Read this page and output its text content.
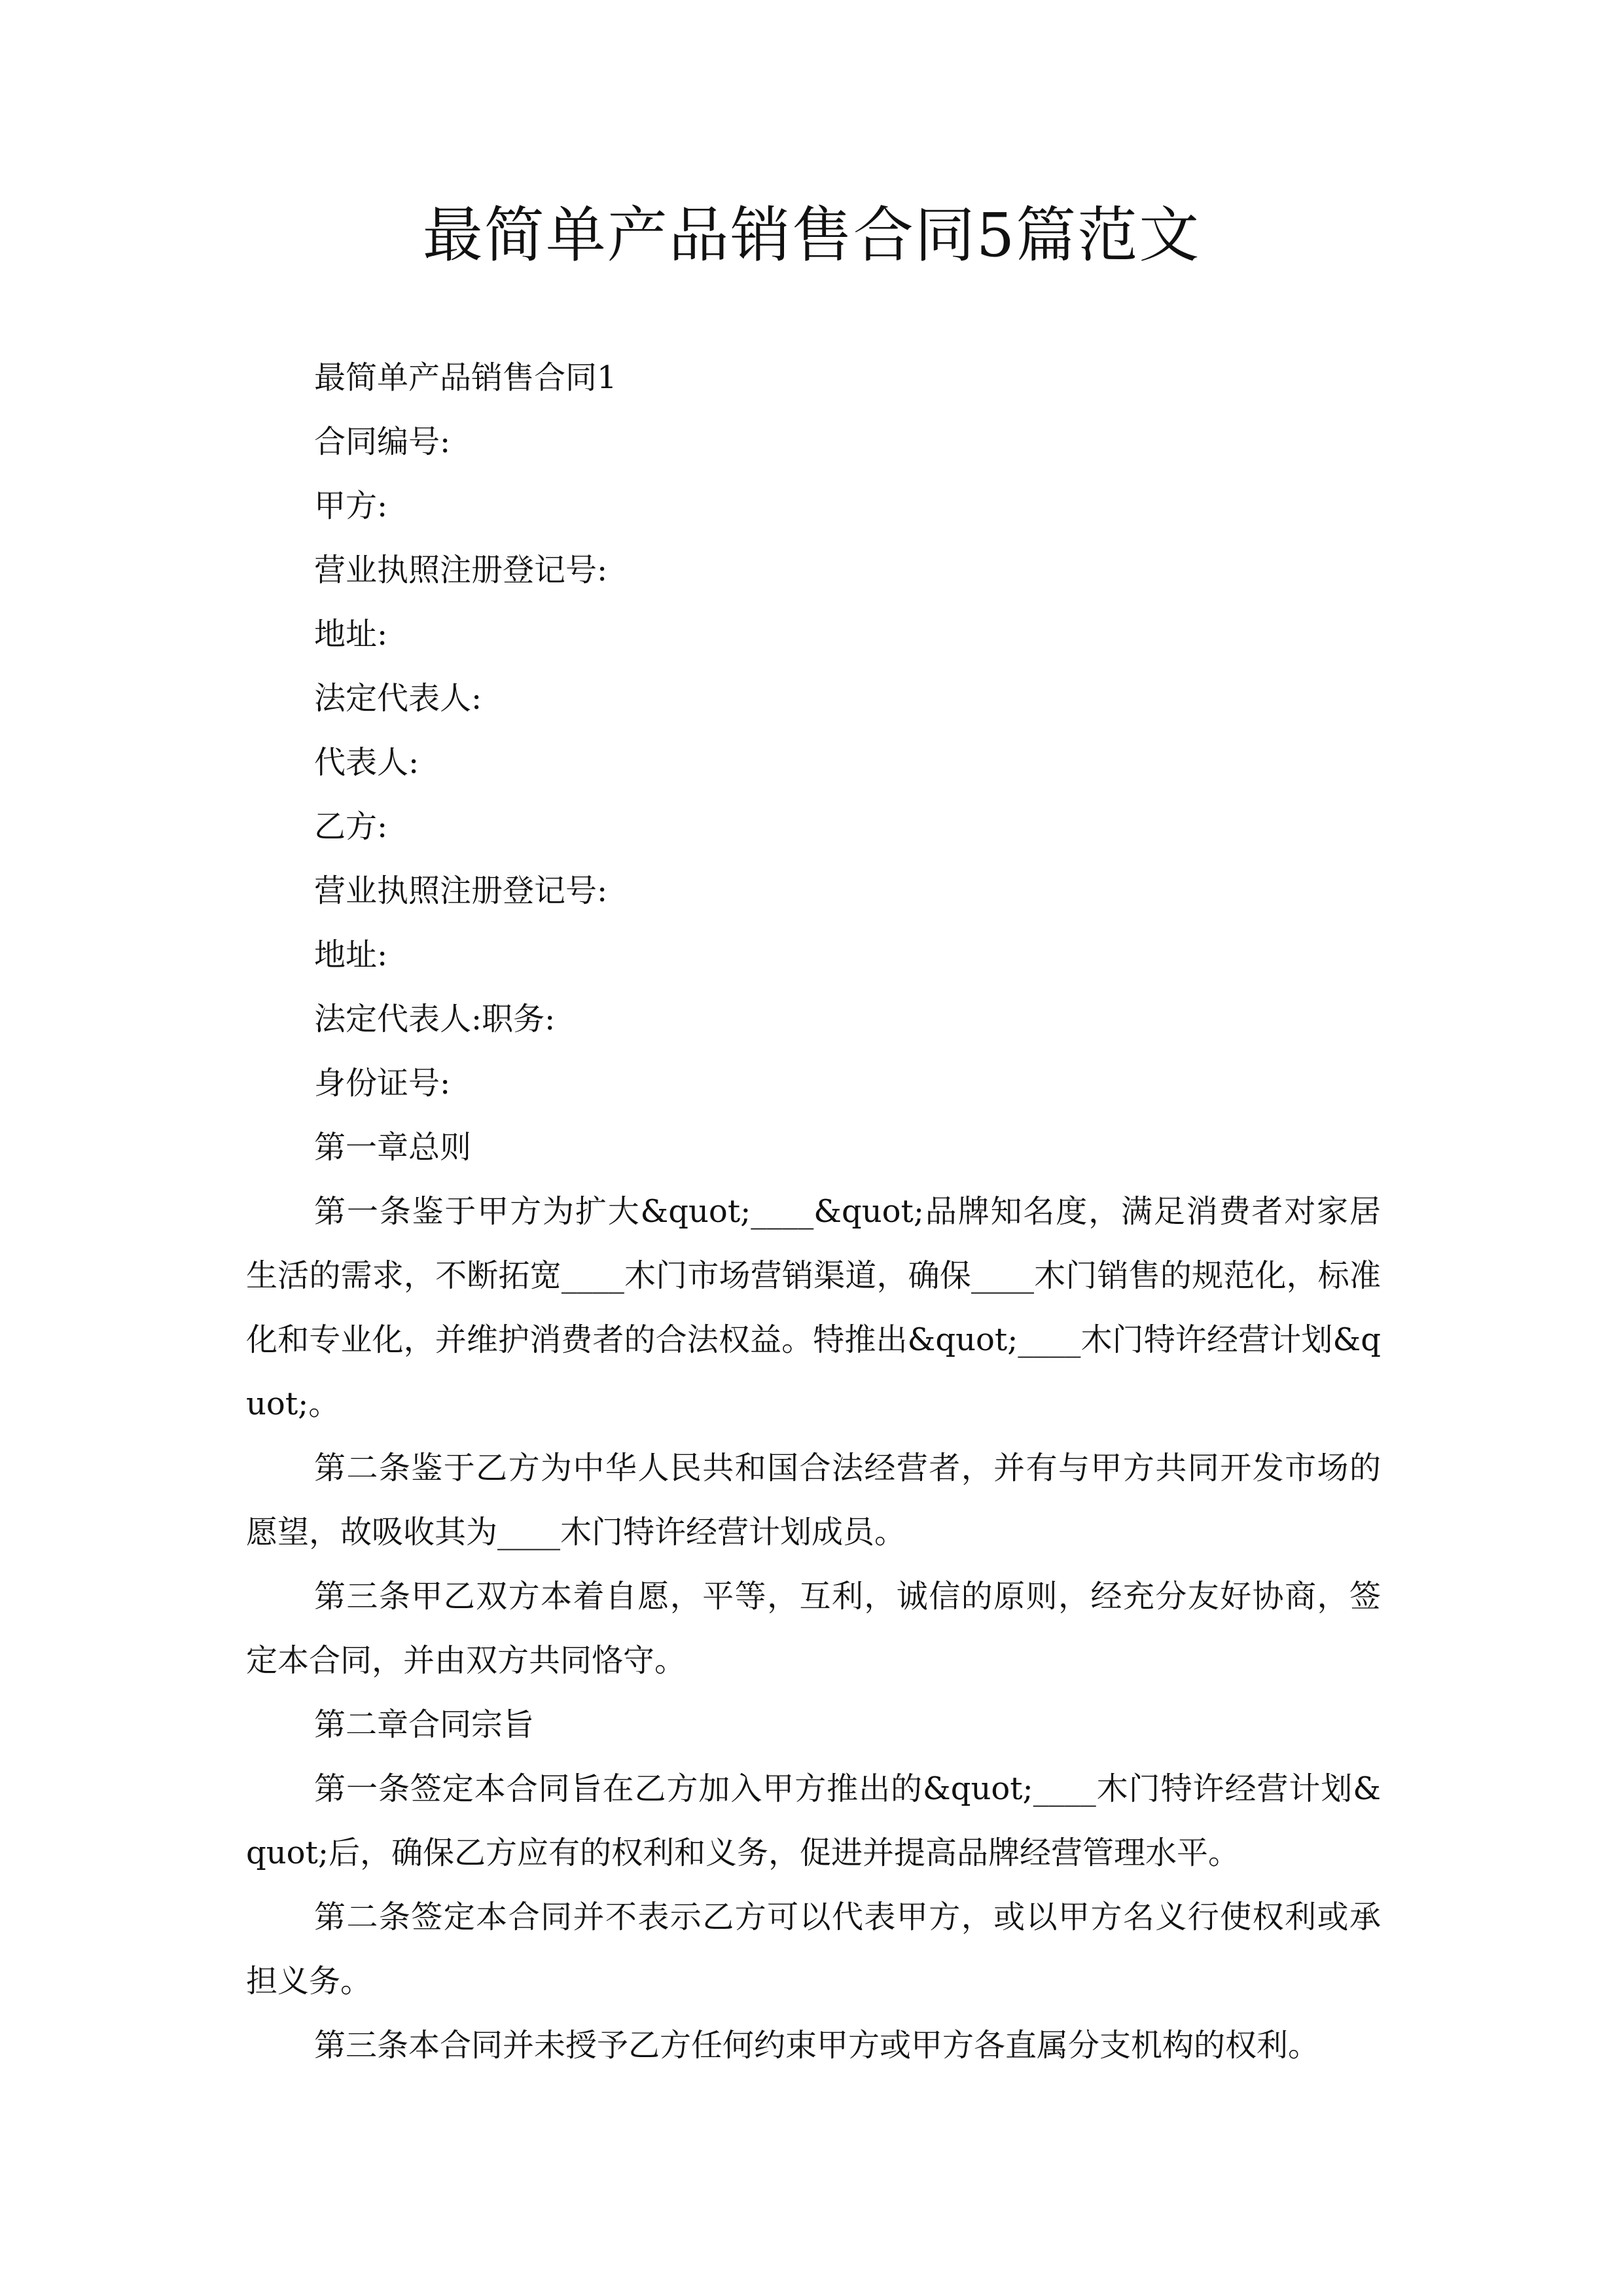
最简单产品销售合同5篇范文

最简单产品销售合同1

合同编号:

甲方:

营业执照注册登记号:

地址:

法定代表人:

代表人:

乙方:

营业执照注册登记号:

地址:

法定代表人:职务:

身份证号:

第一章总则

第一条鉴于甲方为扩大&quot;____&quot;品牌知名度，满足消费者对家居生活的需求，不断拓宽____木门市场营销渠道，确保____木门销售的规范化，标准化和专业化，并维护消费者的合法权益。特推出&quot;____木门特许经营计划&quot;。

第二条鉴于乙方为中华人民共和国合法经营者，并有与甲方共同开发市场的愿望，故吸收其为____木门特许经营计划成员。

第三条甲乙双方本着自愿，平等，互利，诚信的原则，经充分友好协商，签定本合同，并由双方共同恪守。

第二章合同宗旨

第一条签定本合同旨在乙方加入甲方推出的&quot;____木门特许经营计划&quot;后，确保乙方应有的权利和义务，促进并提高品牌经营管理水平。

第二条签定本合同并不表示乙方可以代表甲方，或以甲方名义行使权利或承担义务。

第三条本合同并未授予乙方任何约束甲方或甲方各直属分支机构的权利。
